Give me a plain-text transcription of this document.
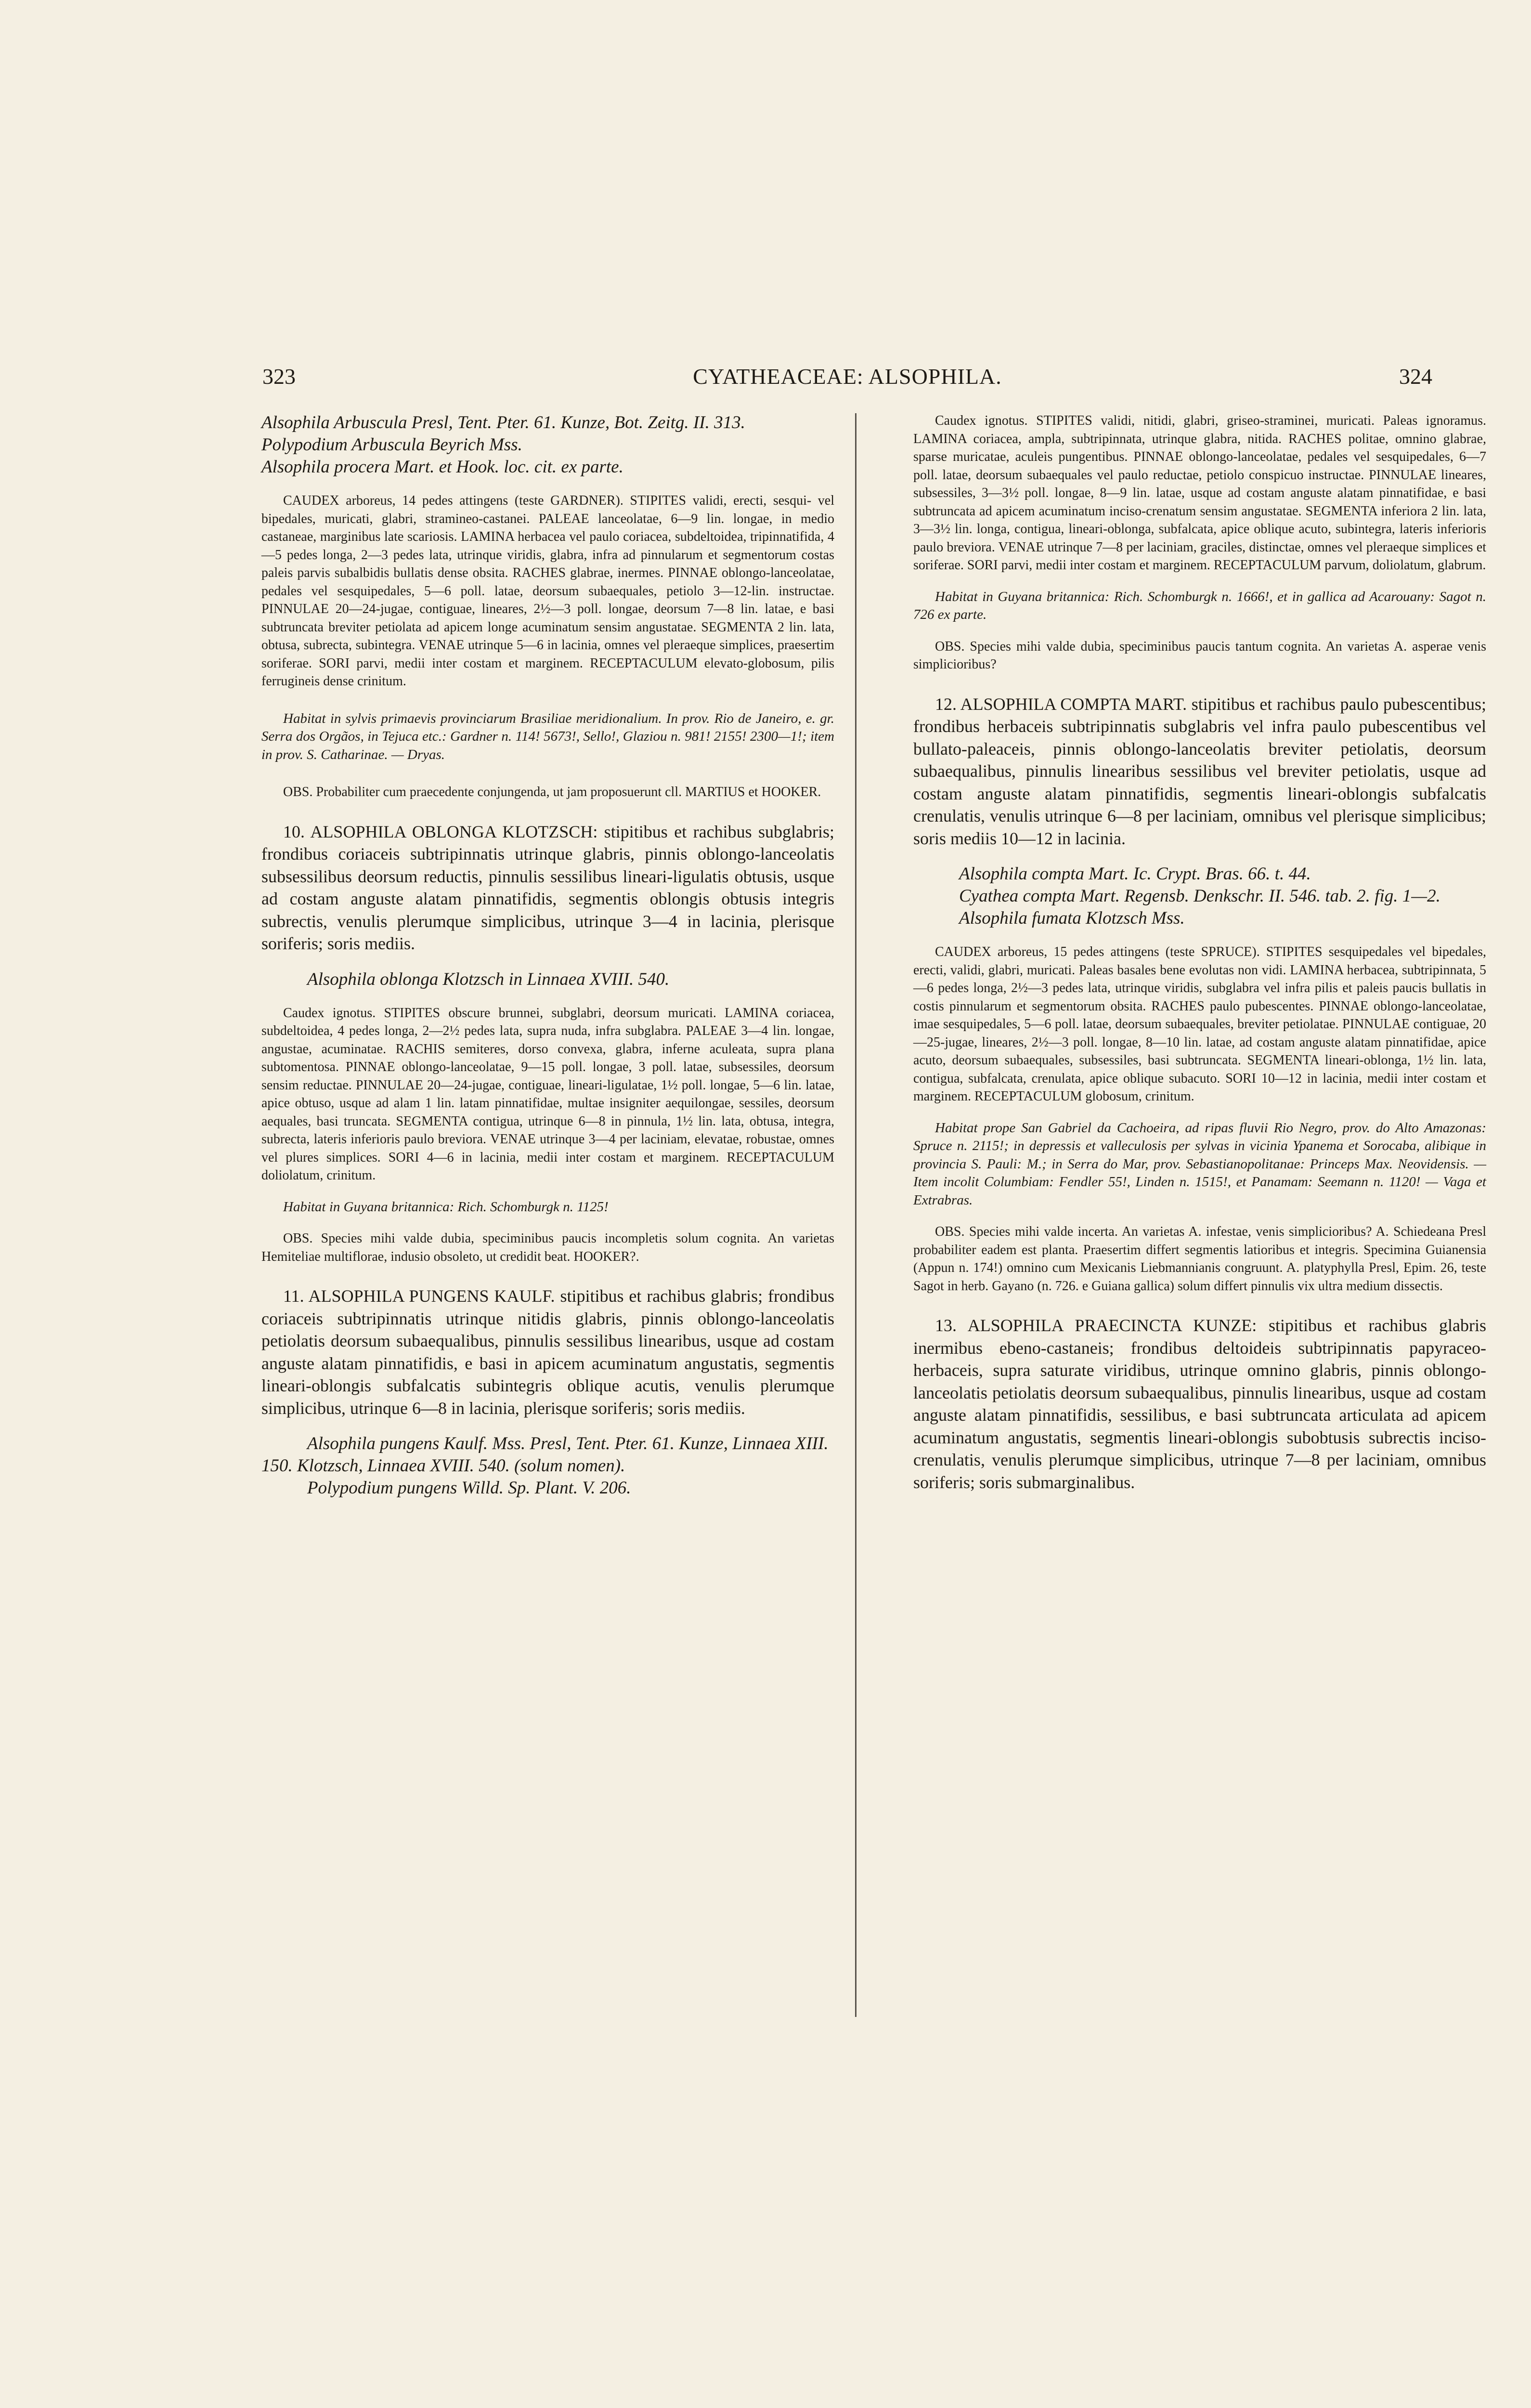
323	CYATHEACEAE: ALSOPHILA.	324

Alsophila Arbuscula Presl, Tent. Pter. 61. Kunze, Bot. Zeitg. II. 313.

Polypodium Arbuscula Beyrich Mss.

Alsophila procera Mart. et Hook. loc. cit. ex parte.

CAUDEX arboreus, 14 pedes attingens (teste GARDNER). STIPITES validi, erecti, sesqui- vel bipedales, muricati, glabri, stramineo-castanei. PALEAE lanceolatae, 6—9 lin. longae, in medio castaneae, marginibus late scariosis. LAMINA herbacea vel paulo coriacea, subdeltoidea, tripinnatifida, 4—5 pedes longa, 2—3 pedes lata, utrinque viridis, glabra, infra ad pinnularum et segmentorum costas paleis parvis subalbidis bullatis dense obsita. RACHES glabrae, inermes. PINNAE oblongo-lanceolatae, pedales vel sesquipedales, 5—6 poll. latae, deorsum subaequales, petiolo 3—12-lin. instructae. PINNULAE 20—24-jugae, contiguae, lineares, 2½—3 poll. longae, deorsum 7—8 lin. latae, e basi subtruncata breviter petiolata ad apicem longe acuminatum sensim angustatae. SEGMENTA 2 lin. lata, obtusa, subrecta, subintegra. VENAE utrinque 5—6 in lacinia, omnes vel pleraeque simplices, praesertim soriferae. SORI parvi, medii inter costam et marginem. RECEPTACULUM elevato-globosum, pilis ferrugineis dense crinitum.

Habitat in sylvis primaevis provinciarum Brasiliae meridionalium. In prov. Rio de Janeiro, e. gr. Serra dos Orgãos, in Tejuca etc.: Gardner n. 114! 5673!, Sello!, Glaziou n. 981! 2155! 2300—1!; item in prov. S. Catharinae. — Dryas.

OBS. Probabiliter cum praecedente conjungenda, ut jam proposuerunt cll. MARTIUS et HOOKER.

10. ALSOPHILA OBLONGA KLOTZSCH: stipitibus et rachibus subglabris; frondibus coriaceis subtripinnatis utrinque glabris, pinnis oblongo-lanceolatis subsessilibus deorsum reductis, pinnulis sessilibus lineari-ligulatis obtusis, usque ad costam anguste alatam pinnatifidis, segmentis oblongis obtusis integris subrectis, venulis plerumque simplicibus, utrinque 3—4 in lacinia, plerisque soriferis; soris mediis.

Alsophila oblonga Klotzsch in Linnaea XVIII. 540.

Caudex ignotus. STIPITES obscure brunnei, subglabri, deorsum muricati. LAMINA coriacea, subdeltoidea, 4 pedes longa, 2—2½ pedes lata, supra nuda, infra subglabra. PALEAE 3—4 lin. longae, angustae, acuminatae. RACHIS semiteres, dorso convexa, glabra, inferne aculeata, supra plana subtomentosa. PINNAE oblongo-lanceolatae, 9—15 poll. longae, 3 poll. latae, subsessiles, deorsum sensim reductae. PINNULAE 20—24-jugae, contiguae, lineari-ligulatae, 1½ poll. longae, 5—6 lin. latae, apice obtuso, usque ad alam 1 lin. latam pinnatifidae, multae insigniter aequilongae, sessiles, deorsum aequales, basi truncata. SEGMENTA contigua, utrinque 6—8 in pinnula, 1½ lin. lata, obtusa, integra, subrecta, lateris inferioris paulo breviora. VENAE utrinque 3—4 per laciniam, elevatae, robustae, omnes vel plures simplices. SORI 4—6 in lacinia, medii inter costam et marginem. RECEPTACULUM doliolatum, crinitum.

Habitat in Guyana britannica: Rich. Schomburgk n. 1125!

OBS. Species mihi valde dubia, speciminibus paucis incompletis solum cognita. An varietas Hemiteliae multiflorae, indusio obsoleto, ut credidit beat. HOOKER?.

11. ALSOPHILA PUNGENS KAULF. stipitibus et rachibus glabris; frondibus coriaceis subtripinnatis utrinque nitidis glabris, pinnis oblongo-lanceolatis petiolatis deorsum subaequalibus, pinnulis sessilibus linearibus, usque ad costam anguste alatam pinnatifidis, e basi in apicem acuminatum angustatis, segmentis lineari-oblongis subfalcatis subintegris oblique acutis, venulis plerumque simplicibus, utrinque 6—8 in lacinia, plerisque soriferis; soris mediis.

Alsophila pungens Kaulf. Mss. Presl, Tent. Pter. 61. Kunze, Linnaea XIII. 150. Klotzsch, Linnaea XVIII. 540. (solum nomen).

Polypodium pungens Willd. Sp. Plant. V. 206.

Caudex ignotus. STIPITES validi, nitidi, glabri, griseo-straminei, muricati. Paleas ignoramus. LAMINA coriacea, ampla, subtripinnata, utrinque glabra, nitida. RACHES politae, omnino glabrae, sparse muricatae, aculeis pungentibus. PINNAE oblongo-lanceolatae, pedales vel sesquipedales, 6—7 poll. latae, deorsum subaequales vel paulo reductae, petiolo conspicuo instructae. PINNULAE lineares, subsessiles, 3—3½ poll. longae, 8—9 lin. latae, usque ad costam anguste alatam pinnatifidae, e basi subtruncata ad apicem acuminatum inciso-crenatum sensim angustatae. SEGMENTA inferiora 2 lin. lata, 3—3½ lin. longa, contigua, lineari-oblonga, subfalcata, apice oblique acuto, subintegra, lateris inferioris paulo breviora. VENAE utrinque 7—8 per laciniam, graciles, distinctae, omnes vel pleraeque simplices et soriferae. SORI parvi, medii inter costam et marginem. RECEPTACULUM parvum, doliolatum, glabrum.

Habitat in Guyana britannica: Rich. Schomburgk n. 1666!, et in gallica ad Acarouany: Sagot n. 726 ex parte.

OBS. Species mihi valde dubia, speciminibus paucis tantum cognita. An varietas A. asperae venis simplicioribus?

12. ALSOPHILA COMPTA MART. stipitibus et rachibus paulo pubescentibus; frondibus herbaceis subtripinnatis subglabris vel infra paulo pubescentibus vel bullato-paleaceis, pinnis oblongo-lanceolatis breviter petiolatis, deorsum subaequalibus, pinnulis linearibus sessilibus vel breviter petiolatis, usque ad costam anguste alatam pinnatifidis, segmentis lineari-oblongis subfalcatis crenulatis, venulis utrinque 6—8 per laciniam, omnibus vel plerisque simplicibus; soris mediis 10—12 in lacinia.

Alsophila compta Mart. Ic. Crypt. Bras. 66. t. 44.

Cyathea compta Mart. Regensb. Denkschr. II. 546. tab. 2. fig. 1—2.

Alsophila fumata Klotzsch Mss.

CAUDEX arboreus, 15 pedes attingens (teste SPRUCE). STIPITES sesquipedales vel bipedales, erecti, validi, glabri, muricati. Paleas basales bene evolutas non vidi. LAMINA herbacea, subtripinnata, 5—6 pedes longa, 2½—3 pedes lata, utrinque viridis, subglabra vel infra pilis et paleis paucis bullatis in costis pinnularum et segmentorum obsita. RACHES paulo pubescentes. PINNAE oblongo-lanceolatae, imae sesquipedales, 5—6 poll. latae, deorsum subaequales, breviter petiolatae. PINNULAE contiguae, 20—25-jugae, lineares, 2½—3 poll. longae, 8—10 lin. latae, ad costam anguste alatam pinnatifidae, apice acuto, deorsum subaequales, subsessiles, basi subtruncata. SEGMENTA lineari-oblonga, 1½ lin. lata, contigua, subfalcata, crenulata, apice oblique subacuto. SORI 10—12 in lacinia, medii inter costam et marginem. RECEPTACULUM globosum, crinitum.

Habitat prope San Gabriel da Cachoeira, ad ripas fluvii Rio Negro, prov. do Alto Amazonas: Spruce n. 2115!; in depressis et valleculosis per sylvas in vicinia Ypanema et Sorocaba, alibique in provincia S. Pauli: M.; in Serra do Mar, prov. Sebastianopolitanae: Princeps Max. Neovidensis. — Item incolit Columbiam: Fendler 55!, Linden n. 1515!, et Panamam: Seemann n. 1120! — Vaga et Extrabras.

OBS. Species mihi valde incerta. An varietas A. infestae, venis simplicioribus? A. Schiedeana Presl probabiliter eadem est planta. Praesertim differt segmentis latioribus et integris. Specimina Guianensia (Appun n. 174!) omnino cum Mexicanis Liebmannianis congruunt. A. platyphylla Presl, Epim. 26, teste Sagot in herb. Gayano (n. 726. e Guiana gallica) solum differt pinnulis vix ultra medium dissectis.

13. ALSOPHILA PRAECINCTA KUNZE: stipitibus et rachibus glabris inermibus ebeno-castaneis; frondibus deltoideis subtripinnatis papyraceo-herbaceis, supra saturate viridibus, utrinque omnino glabris, pinnis oblongo-lanceolatis petiolatis deorsum subaequalibus, pinnulis linearibus, usque ad costam anguste alatam pinnatifidis, sessilibus, e basi subtruncata articulata ad apicem acuminatum angustatis, segmentis lineari-oblongis subobtusis subrectis inciso-crenulatis, venulis plerumque simplicibus, utrinque 7—8 per laciniam, omnibus soriferis; soris submarginalibus.
